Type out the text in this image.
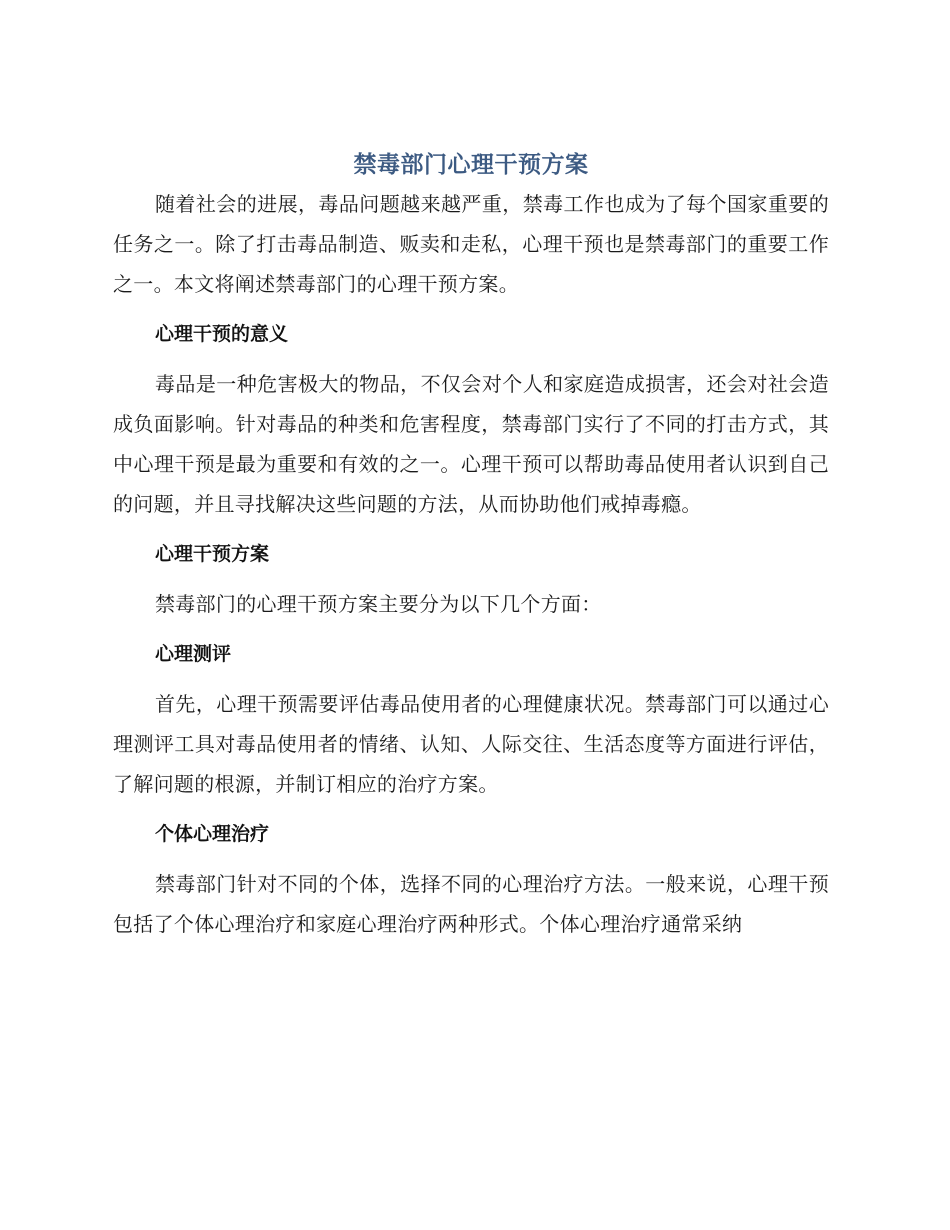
禁毒部门心理干预方案

随着社会的进展，毒品问题越来越严重，禁毒工作也成为了每个国家重要的任务之一。除了打击毒品制造、贩卖和走私，心理干预也是禁毒部门的重要工作之一。本文将阐述禁毒部门的心理干预方案。

心理干预的意义

毒品是一种危害极大的物品，不仅会对个人和家庭造成损害，还会对社会造成负面影响。针对毒品的种类和危害程度，禁毒部门实行了不同的打击方式，其中心理干预是最为重要和有效的之一。心理干预可以帮助毒品使用者认识到自己的问题，并且寻找解决这些问题的方法，从而协助他们戒掉毒瘾。

心理干预方案

禁毒部门的心理干预方案主要分为以下几个方面：

心理测评

首先，心理干预需要评估毒品使用者的心理健康状况。禁毒部门可以通过心理测评工具对毒品使用者的情绪、认知、人际交往、生活态度等方面进行评估，了解问题的根源，并制订相应的治疗方案。

个体心理治疗

禁毒部门针对不同的个体，选择不同的心理治疗方法。一般来说，心理干预包括了个体心理治疗和家庭心理治疗两种形式。个体心理治疗通常采纳
